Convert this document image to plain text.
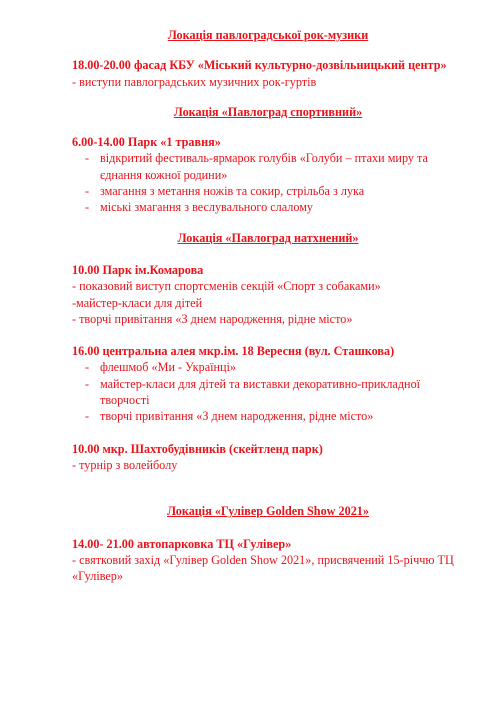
Локація павлоградської рок-музики
18.00-20.00 фасад КБУ «Міський культурно-дозвільницький центр»
- виступи павлоградських музичних рок-гуртів
Локація «Павлоград спортивний»
6.00-14.00 Парк «1 травня»
- відкритий фестиваль-ярмарок голубів «Голуби – птахи миру та єднання кожної родини»
- змагання з метання ножів та сокир, стрільба з лука
- міські змагання з веслувального слалому
Локація «Павлоград натхнений»
10.00 Парк ім.Комарова
- показовий виступ спортсменів секцій «Спорт з собаками»
-майстер-класи для дітей
- творчі привітання «З днем народження, рідне місто»
16.00 центральна алея мкр.ім. 18 Вересня (вул. Сташкова)
- флешмоб «Ми - Українці»
- майстер-класи для дітей та виставки декоративно-прикладної творчості
- творчі привітання «З днем народження, рідне місто»
10.00 мкр. Шахтобудівників (скейтленд парк)
- турнір з волейболу
Локація «Гулівер Golden Show 2021»
14.00- 21.00 автопарковка ТЦ «Гулівер»
- святковий захід «Гулівер Golden Show 2021», присвячений 15-річчю ТЦ «Гулівер»
